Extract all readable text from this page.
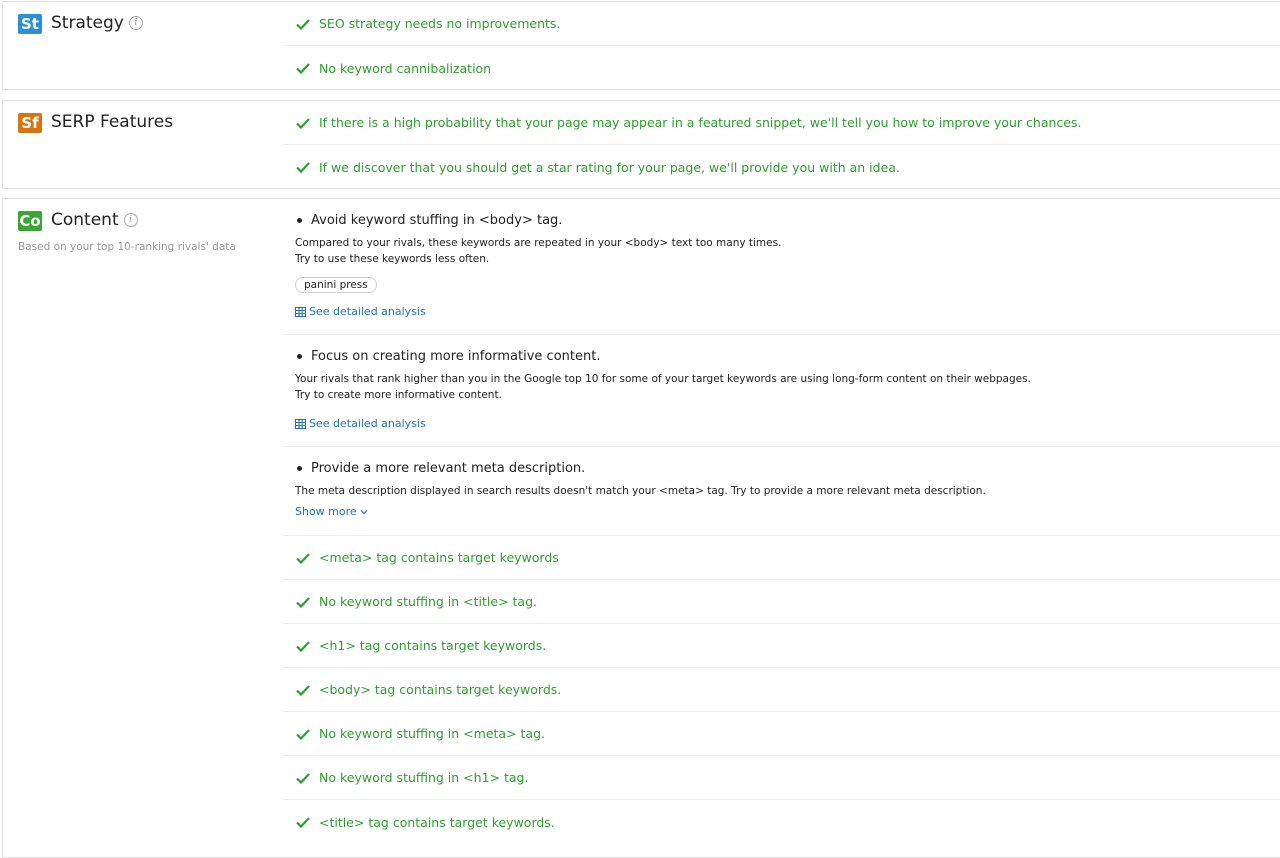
St Strategy	i	SEO strategy needs no improvements.
No keyword cannibalization
Sf SERP Features	If there is a high probability that your page may appear in a featured snippet, we'll tell you how to improve your chances.
If we discover that you should get a star rating for your page, we'll provide you with an idea.
Co Content	i
Based on your top 10-ranking rivals' data
Avoid keyword stuffing in <body> tag.
Compared to your rivals, these keywords are repeated in your <body> text too many times.
Try to use these keywords less often.
panini press
See detailed analysis
Focus on creating more informative content.
Your rivals that rank higher than you in the Google top 10 for some of your target keywords are using long-form content on their webpages.
Try to create more informative content.
See detailed analysis
Provide a more relevant meta description.
The meta description displayed in search results doesn't match your <meta> tag. Try to provide a more relevant meta description.
Show more
<meta> tag contains target keywords
No keyword stuffing in <title> tag.
<h1> tag contains target keywords.
<body> tag contains target keywords.
No keyword stuffing in <meta> tag.
No keyword stuffing in <h1> tag.
<title> tag contains target keywords.
